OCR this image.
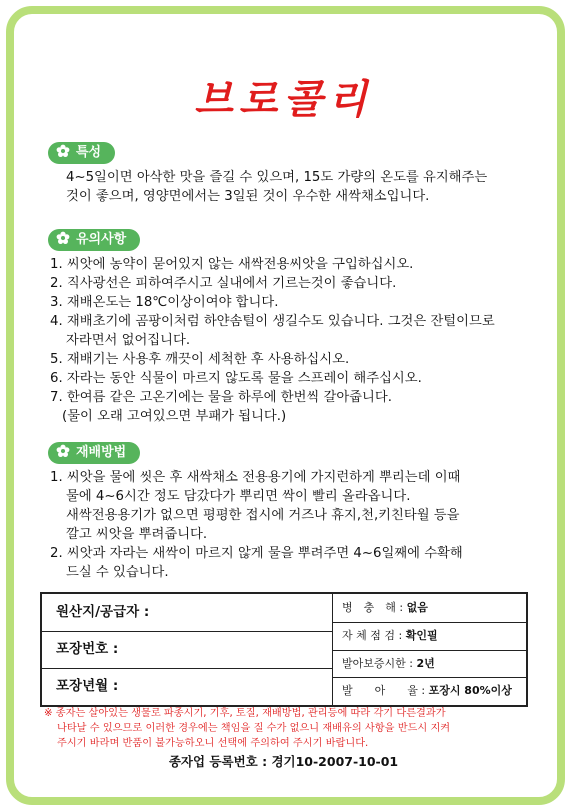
브로콜리
특성
4~5일이면 아삭한 맛을 즐길 수 있으며, 15도 가량의 온도를 유지해주는
것이 좋으며, 영양면에서는 3일된 것이 우수한 새싹채소입니다.
유의사항
1. 씨앗에 농약이 묻어있지 않는 새싹전용씨앗을 구입하십시오.
2. 직사광선은 피하여주시고 실내에서 기르는것이 좋습니다.
3. 재배온도는 18℃이상이여야 합니다.
4. 재배초기에 곰팡이처럼 하얀솜털이 생길수도 있습니다. 그것은 잔털이므로
자라면서 없어집니다.
5. 재배기는 사용후 깨끗이 세척한 후 사용하십시오.
6. 자라는 동안 식물이 마르지 않도록 물을 스프레이 해주십시오.
7. 한여름 같은 고온기에는 물을 하루에 한번씩 갈아줍니다.
(물이 오래 고여있으면 부패가 됩니다.)
재배방법
1. 씨앗을 물에 씻은 후 새싹채소 전용용기에 가지런하게 뿌리는데 이때
물에 4~6시간 정도 담갔다가 뿌리면 싹이 빨리 올라옵니다.
새싹전용용기가 없으면 평평한 접시에 거즈나 휴지,천,키친타월 등을
깔고 씨앗을 뿌려줍니다.
2. 씨앗과 자라는 새싹이 마르지 않게 물을 뿌려주면 4~6일째에 수확해
드실 수 있습니다.
원산지/공급자 :
포장번호 :
포장년월 :
병　충　해 : 없음
자 체 점 검 : 확인필
발아보증시한 : 2년
발　　아　　율 : 포장시 80%이상
※ 종자는 살아있는 생물로 파종시기, 기후, 토질, 재배방법, 관리등에 따라 각기 다른결과가
나타날 수 있으므로 이러한 경우에는 책임을 질 수가 없으니 재배유의 사항을 반드시 지켜
주시기 바라며 반품이 불가능하오니 선택에 주의하여 주시기 바랍니다.
종자업 등록번호 : 경기10-2007-10-01
